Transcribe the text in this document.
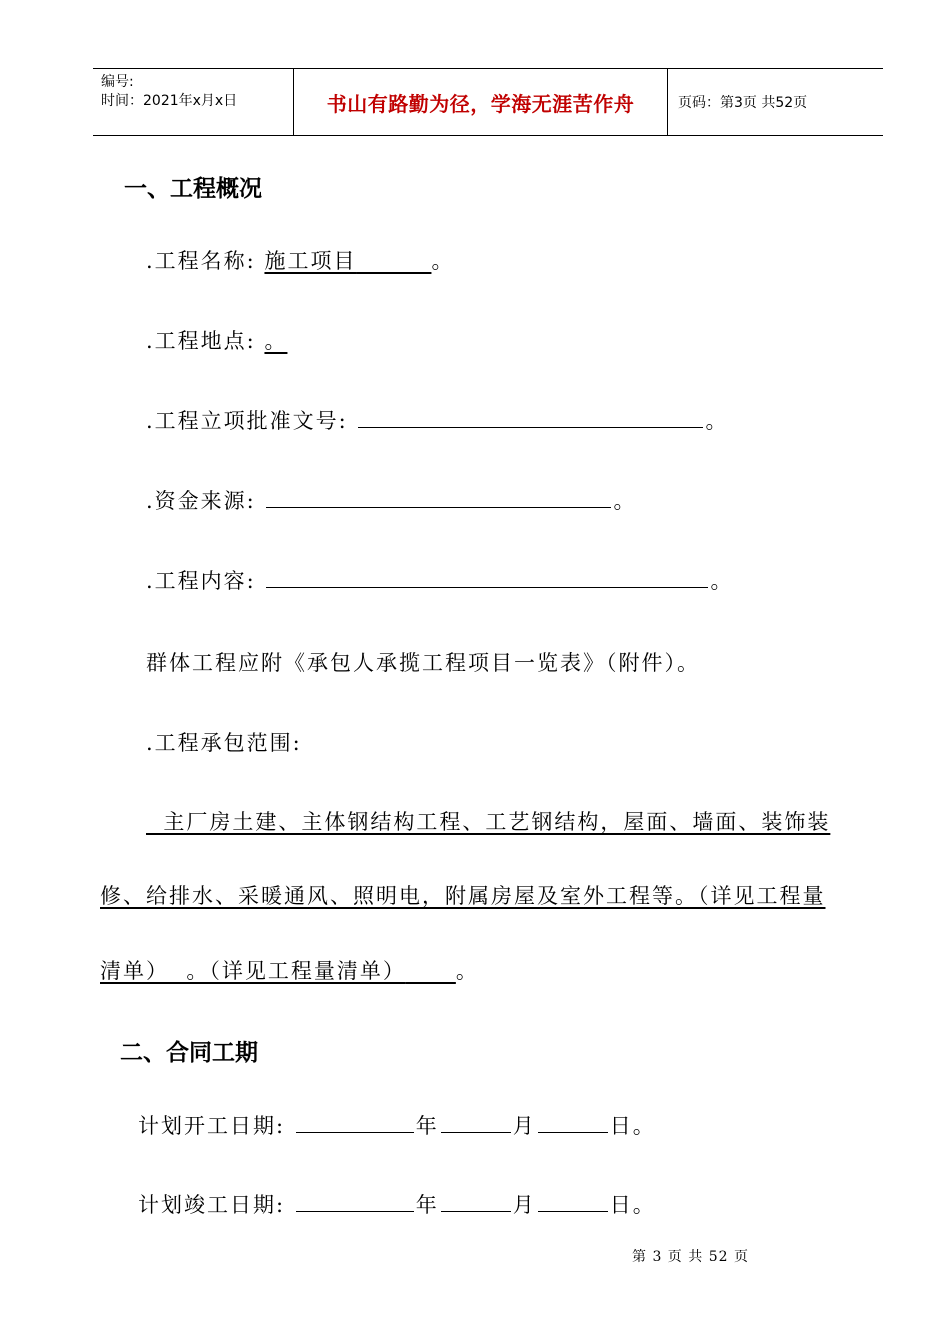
编号:
时间：2021年x月x日	书山有路勤为径，学海无涯苦作舟	页码：第3页 共52页
一、工程概况
.工程名称: 施工项目      	。
.工程地点: 。
.工程立项批准文号:	。
.资金来源:	。
.工程内容:	。
群体工程应附《承包人承揽工程项目一览表》（附件）。
.工程承包范围:
主厂房土建、主体钢结构工程、工艺钢结构，屋面、墙面、装饰装
修、给排水、采暖通风、照明电，附属房屋及室外工程等。（详见工程量
清单）  。（详见工程量清单）     。
二、合同工期
计划开工日期:	年	月	日。
计划竣工日期:	年	月	日。
第 3 页 共 52 页
